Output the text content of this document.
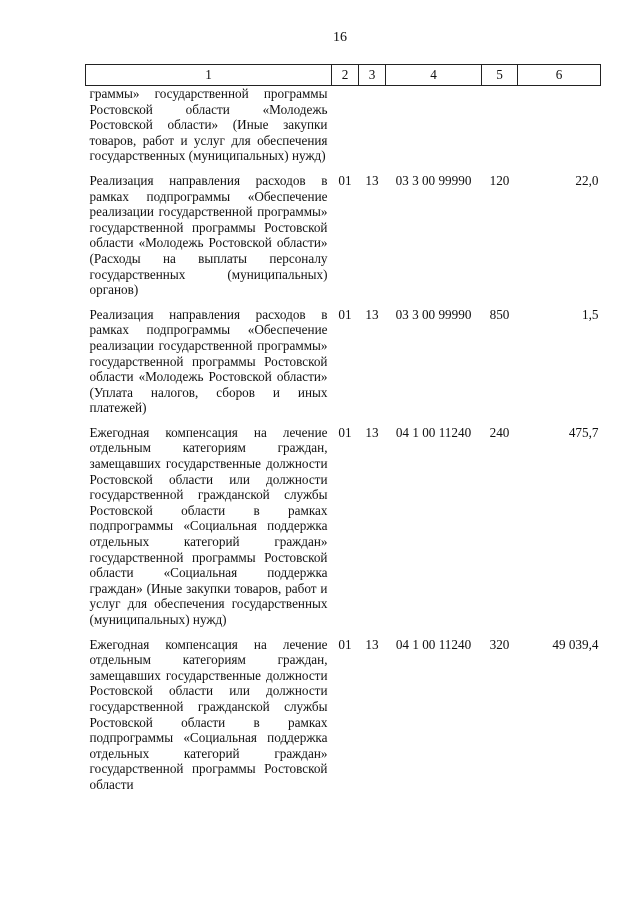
16
1	2	3	4	5	6
граммы» государственной программы Ростовской области «Молодежь Ростовской области» (Иные закупки товаров, работ и услуг для обеспечения государственных (муниципальных) нужд)					
Реализация направления расходов в рамках подпрограммы «Обеспечение реализации государственной программы» государственной программы Ростовской области «Молодежь Ростовской области» (Расходы на выплаты персоналу государственных (муниципальных) органов)	01	13	03 3 00 99990	120	22,0
Реализация направления расходов в рамках подпрограммы «Обеспечение реализации государственной программы» государственной программы Ростовской области «Молодежь Ростовской области» (Уплата налогов, сборов и иных платежей)	01	13	03 3 00 99990	850	1,5
Ежегодная компенсация на лечение отдельным категориям граждан, замещавших государственные должности Ростовской области или должности государственной гражданской службы Ростовской области в рамках подпрограммы «Социальная поддержка отдельных категорий граждан» государственной программы Ростовской области «Социальная поддержка граждан» (Иные закупки товаров, работ и услуг для обеспечения государственных (муниципальных) нужд)	01	13	04 1 00 11240	240	475,7
Ежегодная компенсация на лечение отдельным категориям граждан, замещавших государственные должности Ростовской области или должности государственной гражданской службы Ростовской области в рамках подпрограммы «Социальная поддержка отдельных категорий граждан» государственной программы Ростовской области	01	13	04 1 00 11240	320	49 039,4
